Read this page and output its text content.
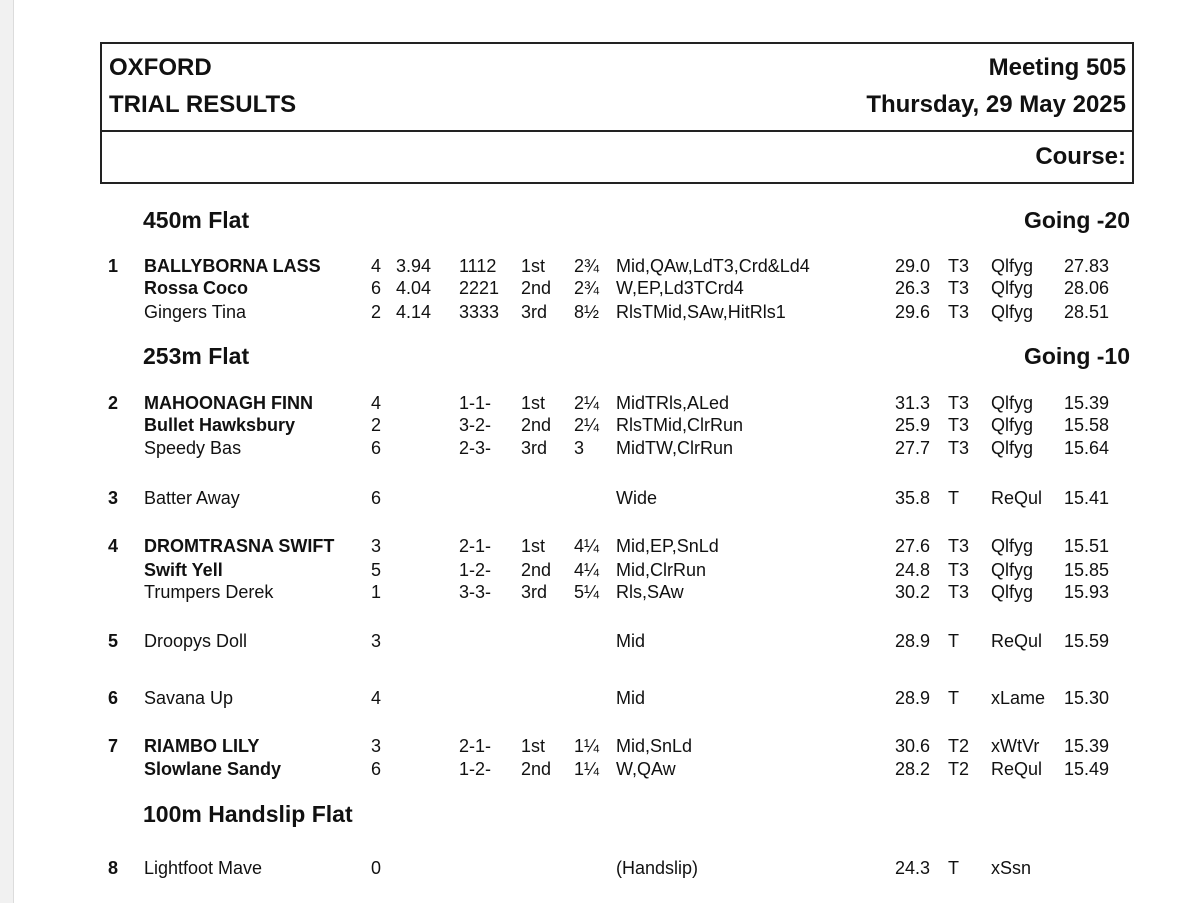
OXFORD
TRIAL RESULTS
Meeting 505
Thursday, 29 May 2025
Course:
450m Flat	Going -20
253m Flat	Going -10
100m Handslip Flat
1 BALLYBORNA LASS	4 3.94 1112 1st 2¾ Mid,QAw,LdT3,Crd&Ld4	29.0 T3 Qlfyg 27.83
Rossa Coco	6 4.04 2221 2nd 2¾ W,EP,Ld3TCrd4	26.3 T3 Qlfyg 28.06
Gingers Tina	2 4.14 3333 3rd 8½ RlsTMid,SAw,HitRls1	29.6 T3 Qlfyg 28.51
2 MAHOONAGH FINN	4	1-1- 1st 2¼ MidTRls,ALed	31.3 T3 Qlfyg 15.39
Bullet Hawksbury	2	3-2- 2nd 2¼ RlsTMid,ClrRun	25.9 T3 Qlfyg 15.58
Speedy Bas	6	2-3- 3rd 3 MidTW,ClrRun	27.7 T3 Qlfyg 15.64
3 Batter Away	6	Wide	35.8 T ReQul 15.41
4 DROMTRASNA SWIFT 3	2-1- 1st 4¼ Mid,EP,SnLd	27.6 T3 Qlfyg 15.51
Swift Yell	5	1-2- 2nd 4¼ Mid,ClrRun	24.8 T3 Qlfyg 15.85
Trumpers Derek	1	3-3- 3rd 5¼ Rls,SAw	30.2 T3 Qlfyg 15.93
5 Droopys Doll	3	Mid	28.9 T ReQul 15.59
6 Savana Up	4	Mid	28.9 T xLame 15.30
7 RIAMBO LILY	3	2-1- 1st 1¼ Mid,SnLd	30.6 T2 xWtVr 15.39
Slowlane Sandy	6	1-2- 2nd 1¼ W,QAw	28.2 T2 ReQul 15.49
8 Lightfoot Mave	0	(Handslip)	24.3 T xSsn
